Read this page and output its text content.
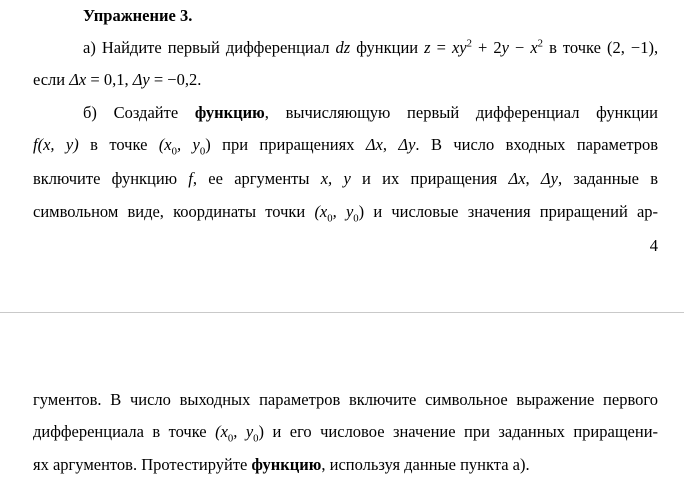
Упражнение 3.
а) Найдите первый дифференциал dz функции $z = xy^2 + 2y - x^2$ в точке (2, −1),
если Δx = 0,1, Δy = −0,2.
б) Создайте функцию, вычисляющую первый дифференциал функции
f(x, y) в точке ($x_0$, $y_0$) при приращениях Δx, Δy. В число входных параметров
включите функцию f, ее аргументы x, y и их приращения Δx, Δy, заданные в
символьном виде, координаты точки ($x_0$, $y_0$) и числовые значения приращений ар-
4
гументов. В число выходных параметров включите символьное выражение первого
дифференциала в точке ($x_0$, $y_0$) и его числовое значение при заданных приращени-
ях аргументов. Протестируйте функцию, используя данные пункта а).
